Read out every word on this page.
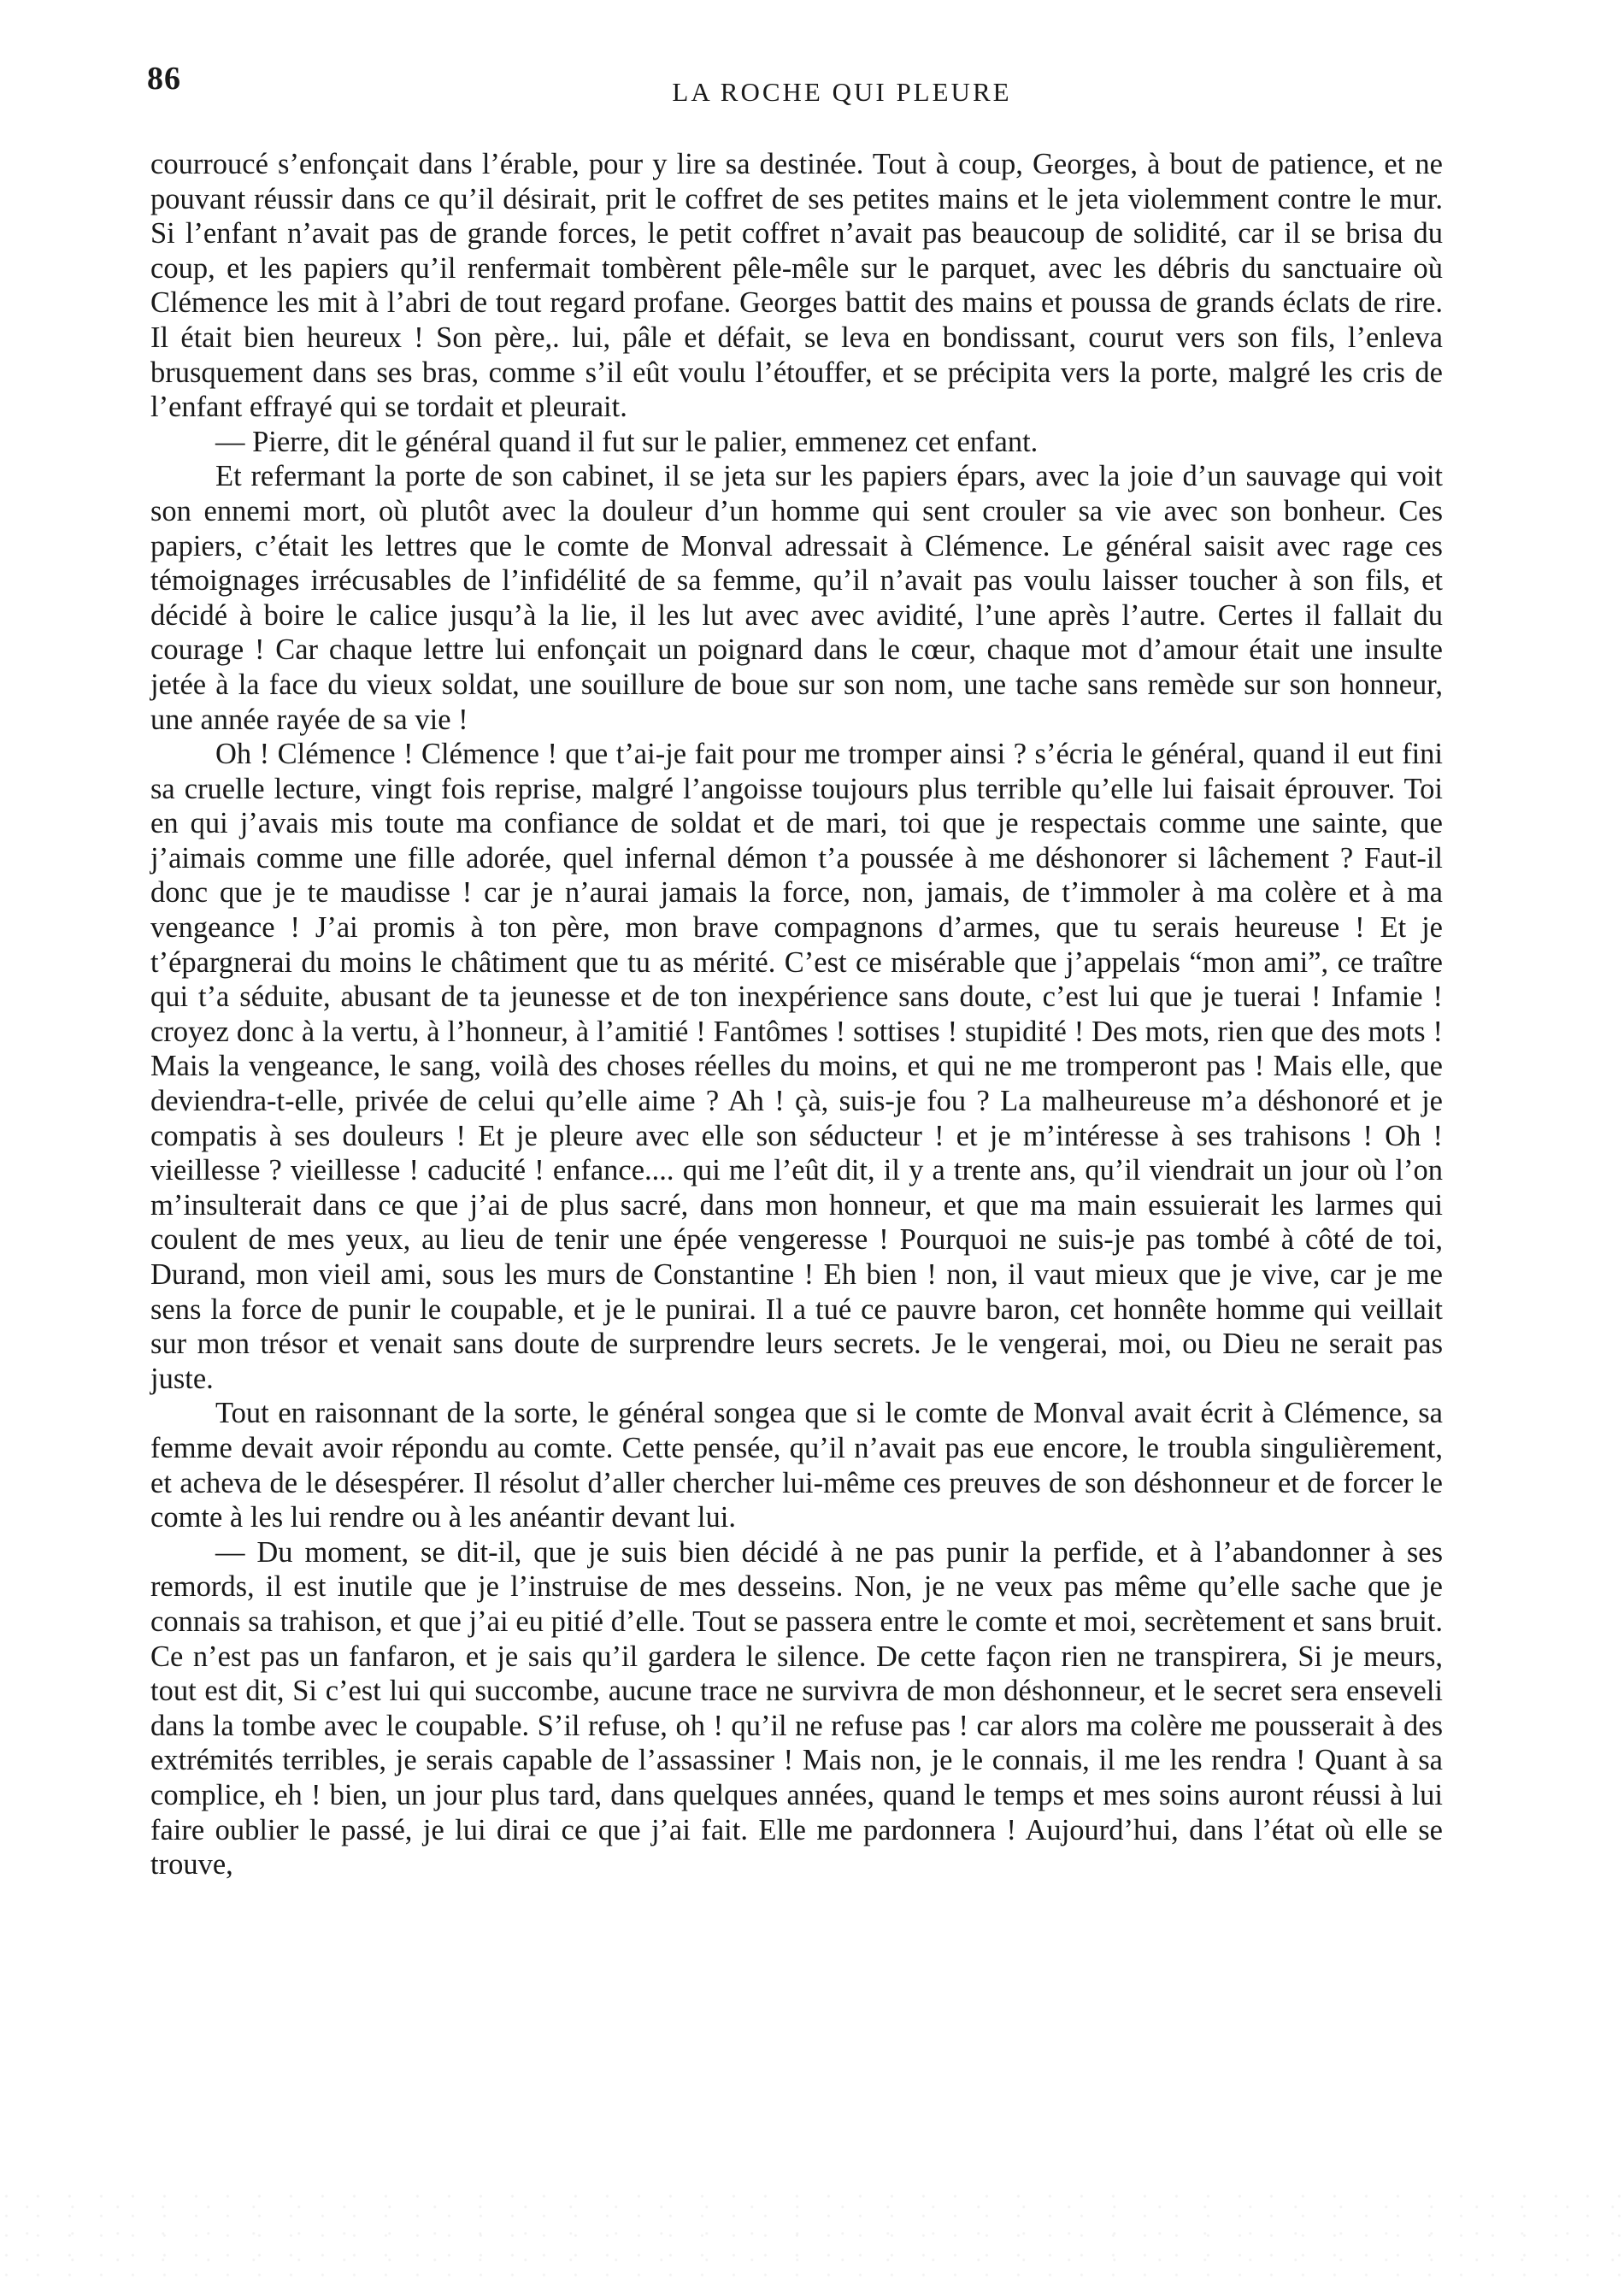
86	LA ROCHE QUI PLEURE

courroucé s’enfonçait dans l’érable, pour y lire sa destinée. Tout à coup, Georges, à bout de patience, et ne pouvant réussir dans ce qu’il désirait, prit le coffret de ses petites mains et le jeta violemment contre le mur. Si l’enfant n’avait pas de grande forces, le petit coffret n’avait pas beaucoup de solidité, car il se brisa du coup, et les papiers qu’il renfermait tombèrent pêle-mêle sur le parquet, avec les débris du sanctuaire où Clémence les mit à l’abri de tout regard profane. Georges battit des mains et poussa de grands éclats de rire. Il était bien heureux ! Son père,. lui, pâle et défait, se leva en bondissant, courut vers son fils, l’enleva brusquement dans ses bras, comme s’il eût voulu l’étouffer, et se précipita vers la porte, malgré les cris de l’enfant effrayé qui se tordait et pleurait.

— Pierre, dit le général quand il fut sur le palier, emmenez cet enfant.

Et refermant la porte de son cabinet, il se jeta sur les papiers épars, avec la joie d’un sauvage qui voit son ennemi mort, où plutôt avec la douleur d’un homme qui sent crouler sa vie avec son bonheur. Ces papiers, c’était les lettres que le comte de Monval adressait à Clémence. Le général saisit avec rage ces témoignages irrécusables de l’infidélité de sa femme, qu’il n’avait pas voulu laisser toucher à son fils, et décidé à boire le calice jusqu’à la lie, il les lut avec avec avidité, l’une après l’autre. Certes il fallait du courage ! Car chaque lettre lui enfonçait un poignard dans le cœur, chaque mot d’amour était une insulte jetée à la face du vieux soldat, une souillure de boue sur son nom, une tache sans remède sur son honneur, une année rayée de sa vie !

Oh ! Clémence ! Clémence ! que t’ai-je fait pour me tromper ainsi ? s’écria le général, quand il eut fini sa cruelle lecture, vingt fois reprise, malgré l’angoisse toujours plus terrible qu’elle lui faisait éprouver. Toi en qui j’avais mis toute ma confiance de soldat et de mari, toi que je respectais comme une sainte, que j’aimais comme une fille adorée, quel infernal démon t’a poussée à me déshonorer si lâchement ? Faut-il donc que je te maudisse ! car je n’aurai jamais la force, non, jamais, de t’immoler à ma colère et à ma vengeance ! J’ai promis à ton père, mon brave compagnons d’armes, que tu serais heureuse ! Et je t’épargnerai du moins le châtiment que tu as mérité. C’est ce misérable que j’appelais “mon ami”, ce traître qui t’a séduite, abusant de ta jeunesse et de ton inexpérience sans doute, c’est lui que je tuerai ! Infamie ! croyez donc à la vertu, à l’honneur, à l’amitié ! Fantômes ! sottises ! stupidité ! Des mots, rien que des mots ! Mais la vengeance, le sang, voilà des choses réelles du moins, et qui ne me tromperont pas ! Mais elle, que deviendra-t-elle, privée de celui qu’elle aime ? Ah ! çà, suis-je fou ? La malheureuse m’a déshonoré et je compatis à ses douleurs ! Et je pleure avec elle son séducteur ! et je m’intéresse à ses trahisons ! Oh ! vieillesse ? vieillesse ! caducité ! enfance.... qui me l’eût dit, il y a trente ans, qu’il viendrait un jour où l’on m’insulterait dans ce que j’ai de plus sacré, dans mon honneur, et que ma main essuierait les larmes qui coulent de mes yeux, au lieu de tenir une épée vengeresse ! Pourquoi ne suis-je pas tombé à côté de toi, Durand, mon vieil ami, sous les murs de Constantine ! Eh bien ! non, il vaut mieux que je vive, car je me sens la force de punir le coupable, et je le punirai. Il a tué ce pauvre baron, cet honnête homme qui veillait sur mon trésor et venait sans doute de surprendre leurs secrets. Je le vengerai, moi, ou Dieu ne serait pas juste.

Tout en raisonnant de la sorte, le général songea que si le comte de Monval avait écrit à Clémence, sa femme devait avoir répondu au comte. Cette pensée, qu’il n’avait pas eue encore, le troubla singulièrement, et acheva de le désespérer. Il résolut d’aller chercher lui-même ces preuves de son déshonneur et de forcer le comte à les lui rendre ou à les anéantir devant lui.

— Du moment, se dit-il, que je suis bien décidé à ne pas punir la perfide, et à l’abandonner à ses remords, il est inutile que je l’instruise de mes desseins. Non, je ne veux pas même qu’elle sache que je connais sa trahison, et que j’ai eu pitié d’elle. Tout se passera entre le comte et moi, secrètement et sans bruit. Ce n’est pas un fanfaron, et je sais qu’il gardera le silence. De cette façon rien ne transpirera, Si je meurs, tout est dit, Si c’est lui qui succombe, aucune trace ne survivra de mon déshonneur, et le secret sera enseveli dans la tombe avec le coupable. S’il refuse, oh ! qu’il ne refuse pas ! car alors ma colère me pousserait à des extrémités terribles, je serais capable de l’assassiner ! Mais non, je le connais, il me les rendra ! Quant à sa complice, eh ! bien, un jour plus tard, dans quelques années, quand le temps et mes soins auront réussi à lui faire oublier le passé, je lui dirai ce que j’ai fait. Elle me pardonnera ! Aujourd’hui, dans l’état où elle se trouve,
